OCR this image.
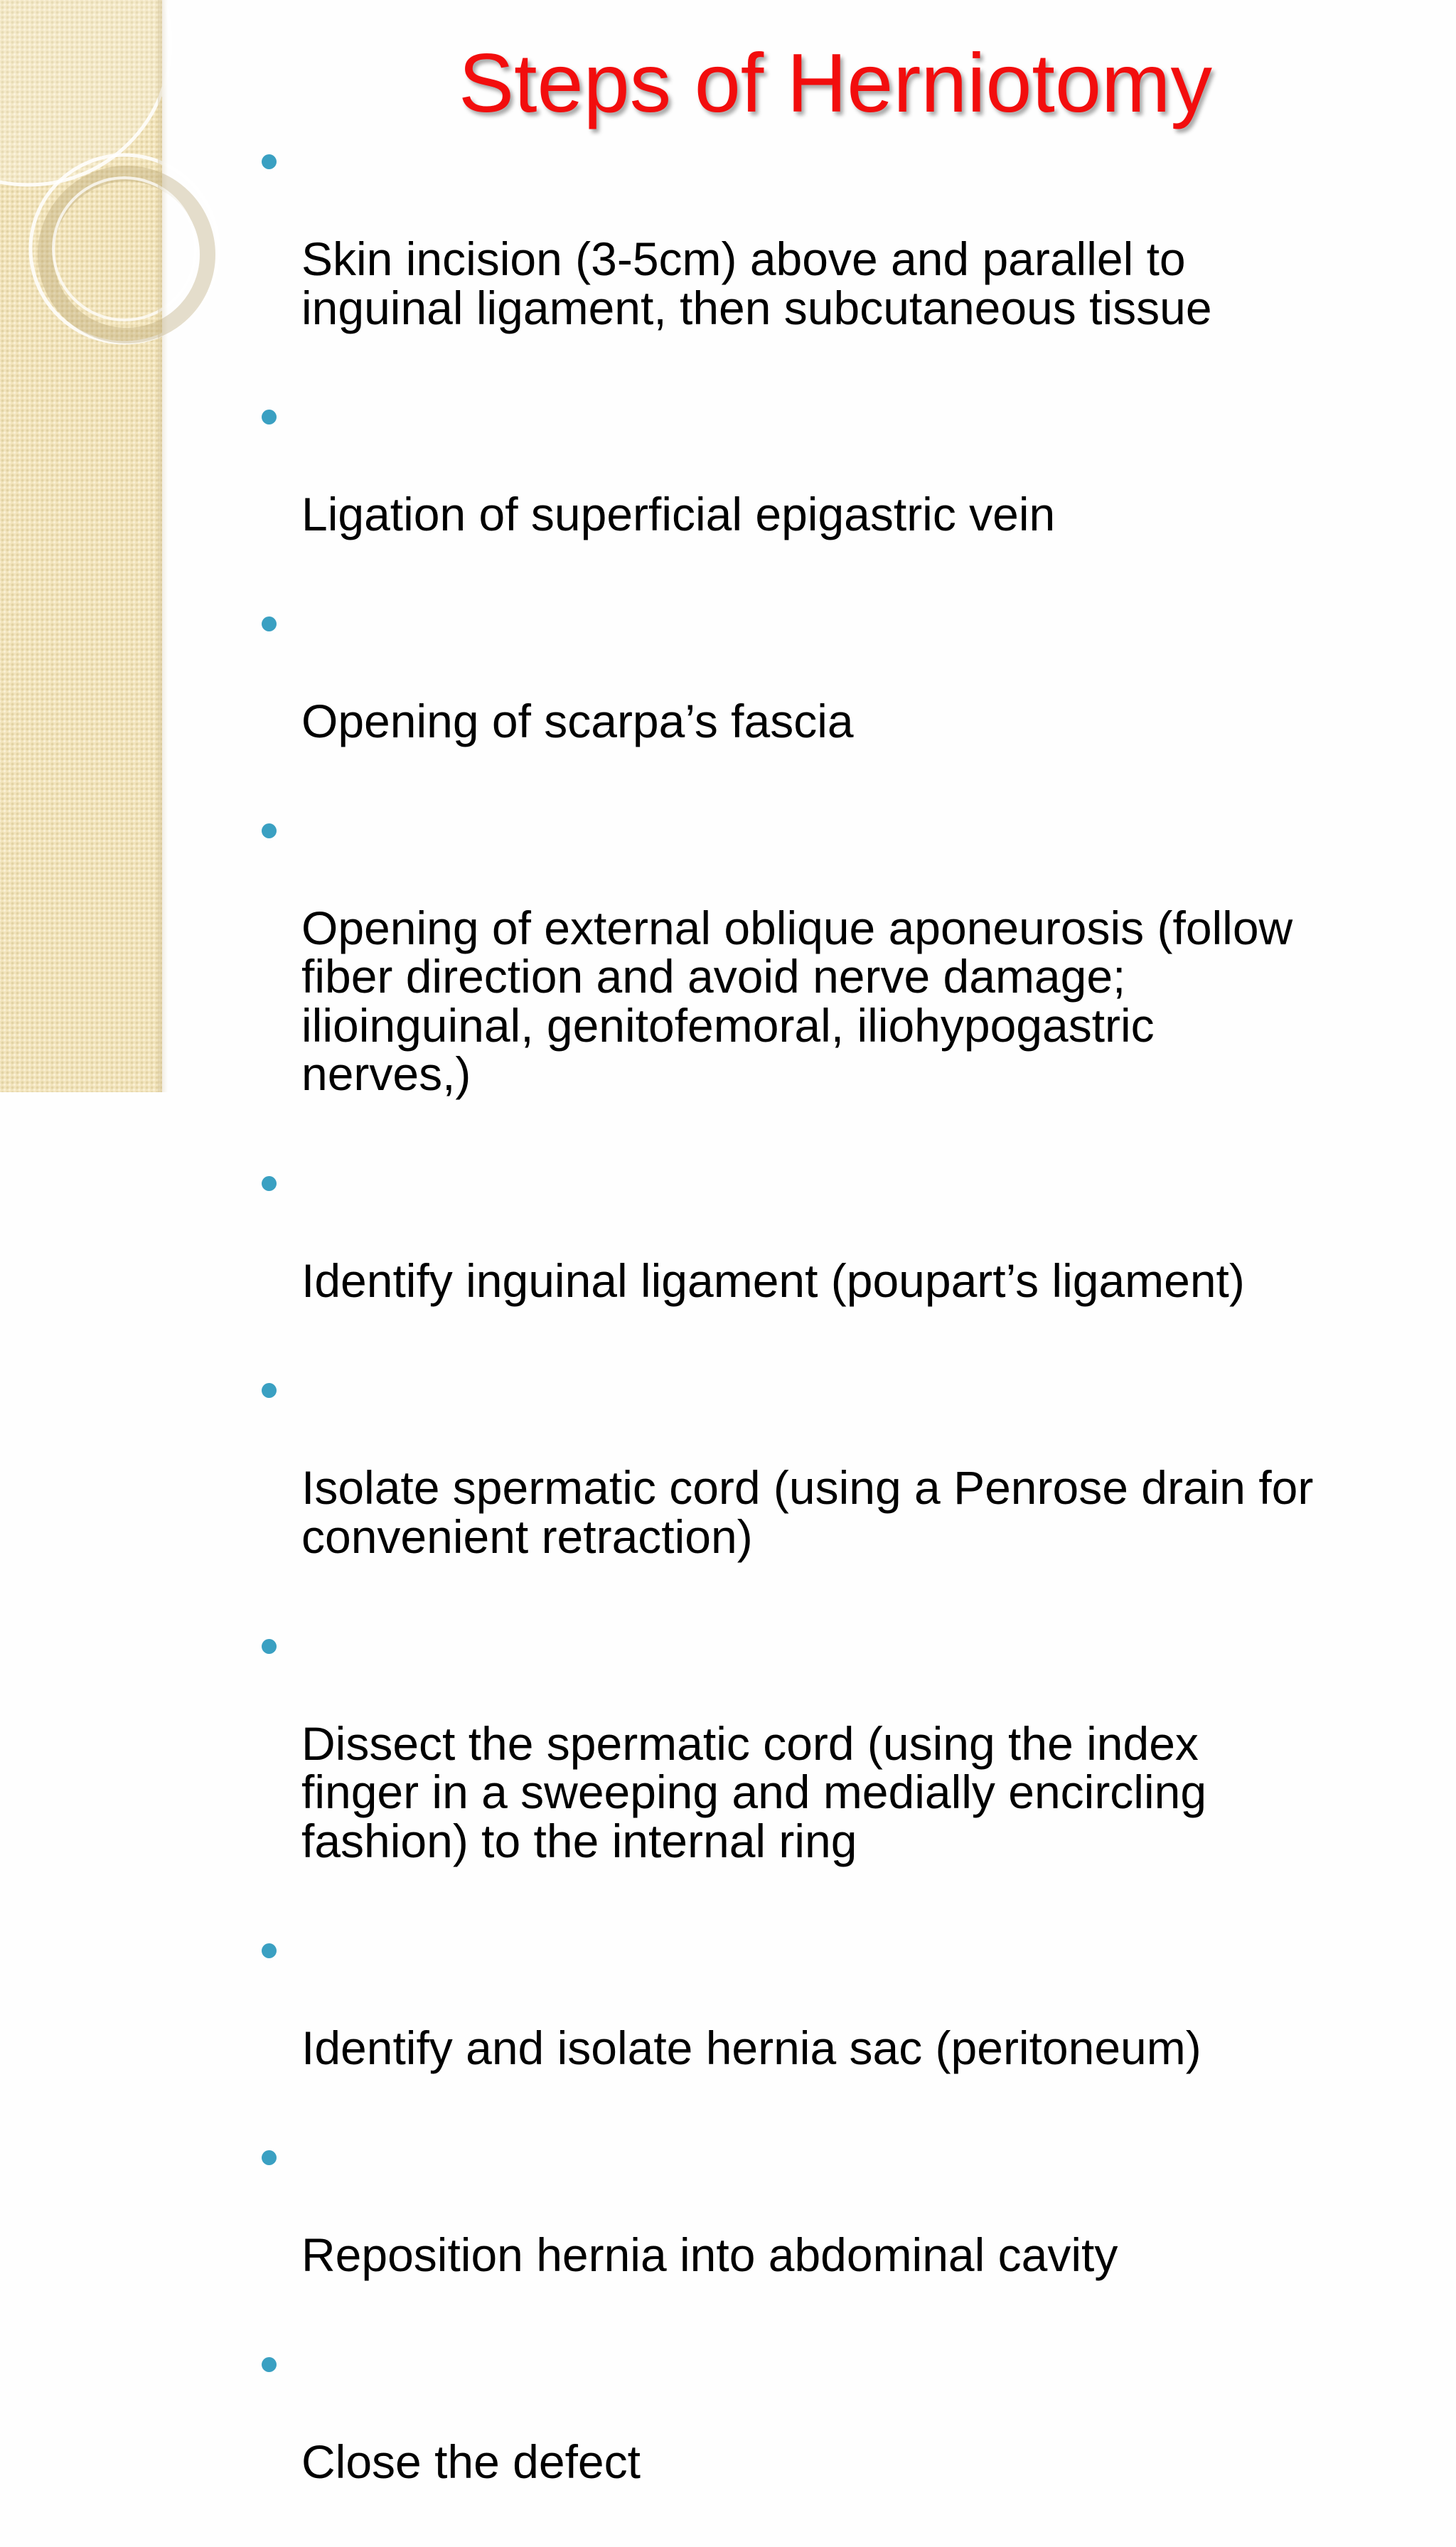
Steps of Herniotomy

Skin incision (3-5cm) above and parallel to
inguinal ligament, then subcutaneous tissue

Ligation of superficial epigastric vein

Opening of scarpa’s fascia

Opening of external oblique aponeurosis (follow
fiber direction and avoid nerve damage;
ilioinguinal, genitofemoral, iliohypogastric
nerves,)

Identify inguinal ligament (poupart’s ligament)

Isolate spermatic cord (using a Penrose drain for
convenient retraction)

Dissect the spermatic cord (using the index
finger in a sweeping and medially encircling
fashion) to the internal ring

Identify and isolate hernia sac (peritoneum)

Reposition hernia into abdominal cavity

Close the defect
